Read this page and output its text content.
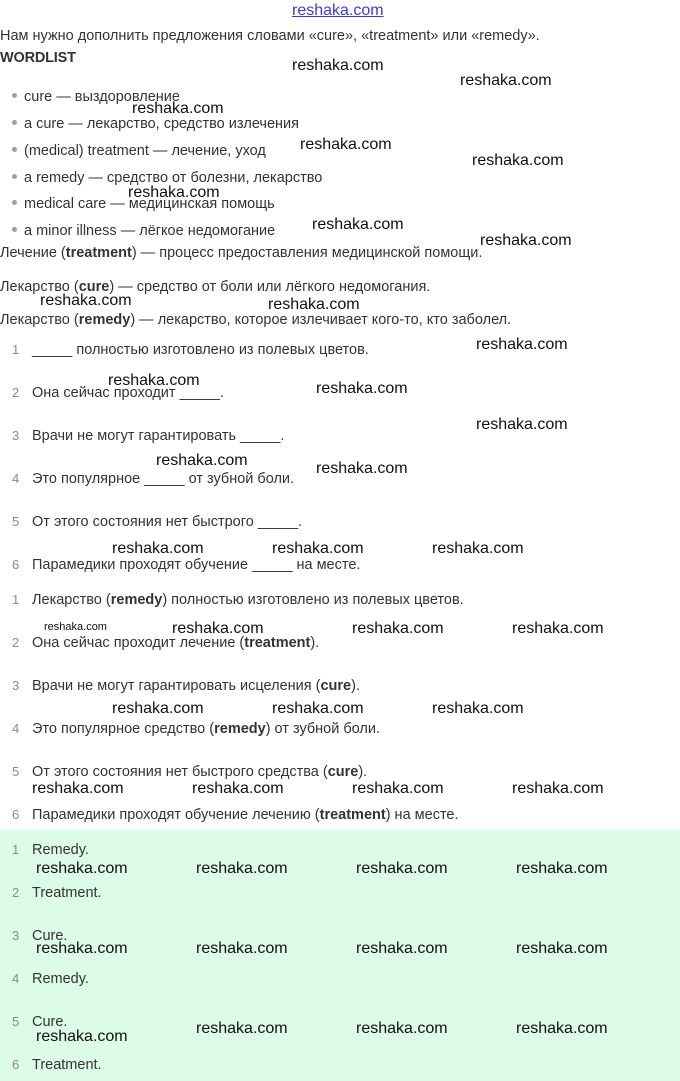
reshaka.com
Нам нужно дополнить предложения словами «cure», «treatment» или «remedy».
WORDLIST
cure — выздоровление
a cure — лекарство, средство излечения
(medical) treatment — лечение, уход
a remedy — средство от болезни, лекарство
medical care — медицинская помощь
a minor illness — лёгкое недомогание
Лечение (treatment) — процесс предоставления медицинской помощи.
Лекарство (cure) — средство от боли или лёгкого недомогания.
Лекарство (remedy) — лекарство, которое излечивает кого-то, кто заболел.
1 _____ полностью изготовлено из полевых цветов.
2 Она сейчас проходит _____.
3 Врачи не могут гарантировать _____.
4 Это популярное _____ от зубной боли.
5 От этого состояния нет быстрого _____.
6 Парамедики проходят обучение _____ на месте.
1 Лекарство (remedy) полностью изготовлено из полевых цветов.
2 Она сейчас проходит лечение (treatment).
3 Врачи не могут гарантировать исцеления (cure).
4 Это популярное средство (remedy) от зубной боли.
5 От этого состояния нет быстрого средства (cure).
6 Парамедики проходят обучение лечению (treatment) на месте.
1 Remedy.
2 Treatment.
3 Cure.
4 Remedy.
5 Cure.
6 Treatment.
reshaka.com
reshaka.com
reshaka.com
reshaka.com
reshaka.com
reshaka.com
reshaka.com
reshaka.com
reshaka.com	reshaka.com
reshaka.com
reshaka.com	reshaka.com
reshaka.com
reshaka.com	reshaka.com
reshaka.com	reshaka.com	reshaka.com
reshaka.com	reshaka.com	reshaka.com	reshaka.com
reshaka.com	reshaka.com	reshaka.com
reshaka.com	reshaka.com	reshaka.com	reshaka.com
reshaka.com	reshaka.com	reshaka.com	reshaka.com
reshaka.com	reshaka.com	reshaka.com	reshaka.com
reshaka.com	reshaka.com	reshaka.com	reshaka.com
